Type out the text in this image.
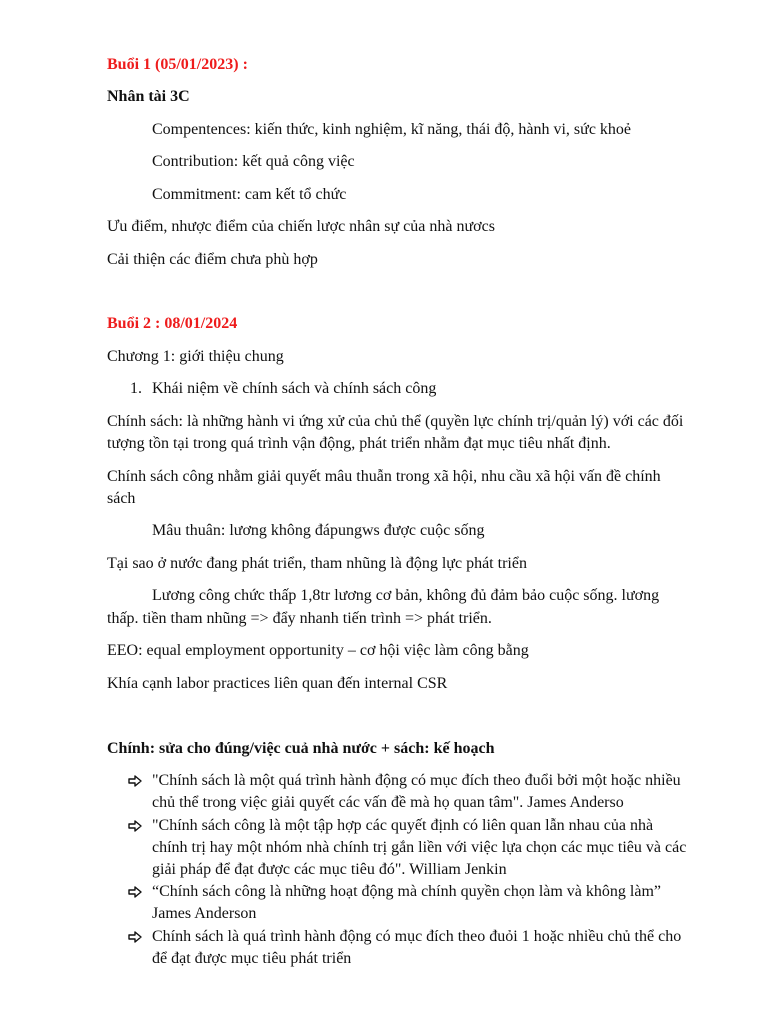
Buổi 1 (05/01/2023) :
Nhân tài 3C
Compentences: kiến thức, kinh nghiệm, kĩ năng, thái độ, hành vi, sức khoẻ
Contribution: kết quả công việc
Commitment: cam kết tổ chức
Ưu điểm, nhược điểm của chiến lược nhân sự của nhà nươcs
Cải thiện các điểm chưa phù hợp
Buổi 2 : 08/01/2024
Chương 1: giới thiệu chung
1. Khái niệm về chính sách và chính sách công
Chính sách: là những hành vi ứng xử của chủ thể (quyền lực chính trị/quản lý) với các đối
tượng tồn tại trong quá trình vận động, phát triển nhằm đạt mục tiêu nhất định.
Chính sách công nhằm giải quyết mâu thuẫn trong xã hội, nhu cầu xã hội vấn đề chính
sách
Mâu thuân: lương không đápungws được cuộc sống
Tại sao ở nước đang phát triển, tham nhũng là động lực phát triển
Lương công chức thấp 1,8tr lương cơ bản, không đủ đảm bảo cuộc sống. lương
thấp. tiền tham nhũng => đẩy nhanh tiến trình => phát triển.
EEO: equal employment opportunity – cơ hội việc làm công bằng
Khía cạnh labor practices liên quan đến internal CSR
Chính: sửa cho đúng/việc cuả nhà nước + sách: kế hoạch
"Chính sách là một quá trình hành động có mục đích theo đuổi bởi một hoặc nhiều
chủ thể trong việc giải quyết các vấn đề mà họ quan tâm". James Anderso
"Chính sách công là một tập hợp các quyết định có liên quan lẫn nhau của nhà
chính trị hay một nhóm nhà chính trị gắn liền với việc lựa chọn các mục tiêu và các
giải pháp để đạt được các mục tiêu đó". William Jenkin
“Chính sách công là những hoạt động mà chính quyền chọn làm và không làm”
James Anderson
Chính sách là quá trình hành động có mục đích theo đuỏi 1 hoặc nhiều chủ thể cho
để đạt được mục tiêu phát triển
